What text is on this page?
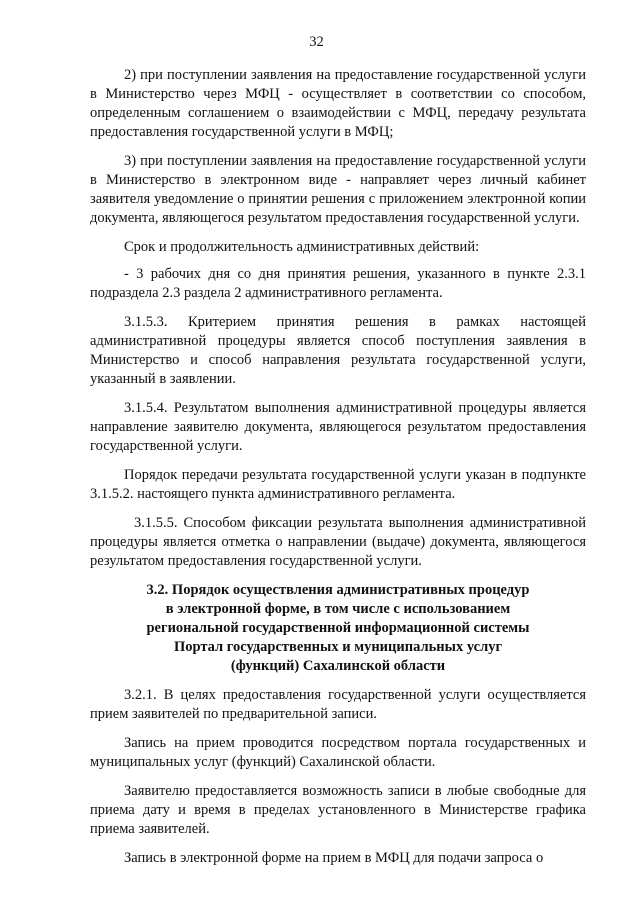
32

2) при поступлении заявления на предоставление государственной услуги в Министерство через МФЦ - осуществляет в соответствии со способом, определенным соглашением о взаимодействии с МФЦ, передачу результата предоставления государственной услуги в МФЦ;

3) при поступлении заявления на предоставление государственной услуги в Министерство в электронном виде - направляет через личный кабинет заявителя уведомление о принятии решения с приложением электронной копии документа, являющегося результатом предоставления государственной услуги.

Срок и продолжительность административных действий:

- 3 рабочих дня со дня принятия решения, указанного в пункте 2.3.1 подраздела 2.3 раздела 2 административного регламента.

3.1.5.3. Критерием принятия решения в рамках настоящей административной процедуры является способ поступления заявления в Министерство и способ направления результата государственной услуги, указанный в заявлении.

3.1.5.4. Результатом выполнения административной процедуры является направление заявителю документа, являющегося результатом предоставления государственной услуги.

Порядок передачи результата государственной услуги указан в подпункте 3.1.5.2. настоящего пункта административного регламента.

3.1.5.5. Способом фиксации результата выполнения административной процедуры является отметка о направлении (выдаче) документа, являющегося результатом предоставления государственной услуги.

3.2. Порядок осуществления административных процедур
в электронной форме, в том числе с использованием
региональной государственной информационной системы
Портал государственных и муниципальных услуг
(функций) Сахалинской области

3.2.1. В целях предоставления государственной услуги осуществляется прием заявителей по предварительной записи.

Запись на прием проводится посредством портала государственных и муниципальных услуг (функций) Сахалинской области.

Заявителю предоставляется возможность записи в любые свободные для приема дату и время в пределах установленного в Министерстве графика приема заявителей.

Запись в электронной форме на прием в МФЦ для подачи запроса о
